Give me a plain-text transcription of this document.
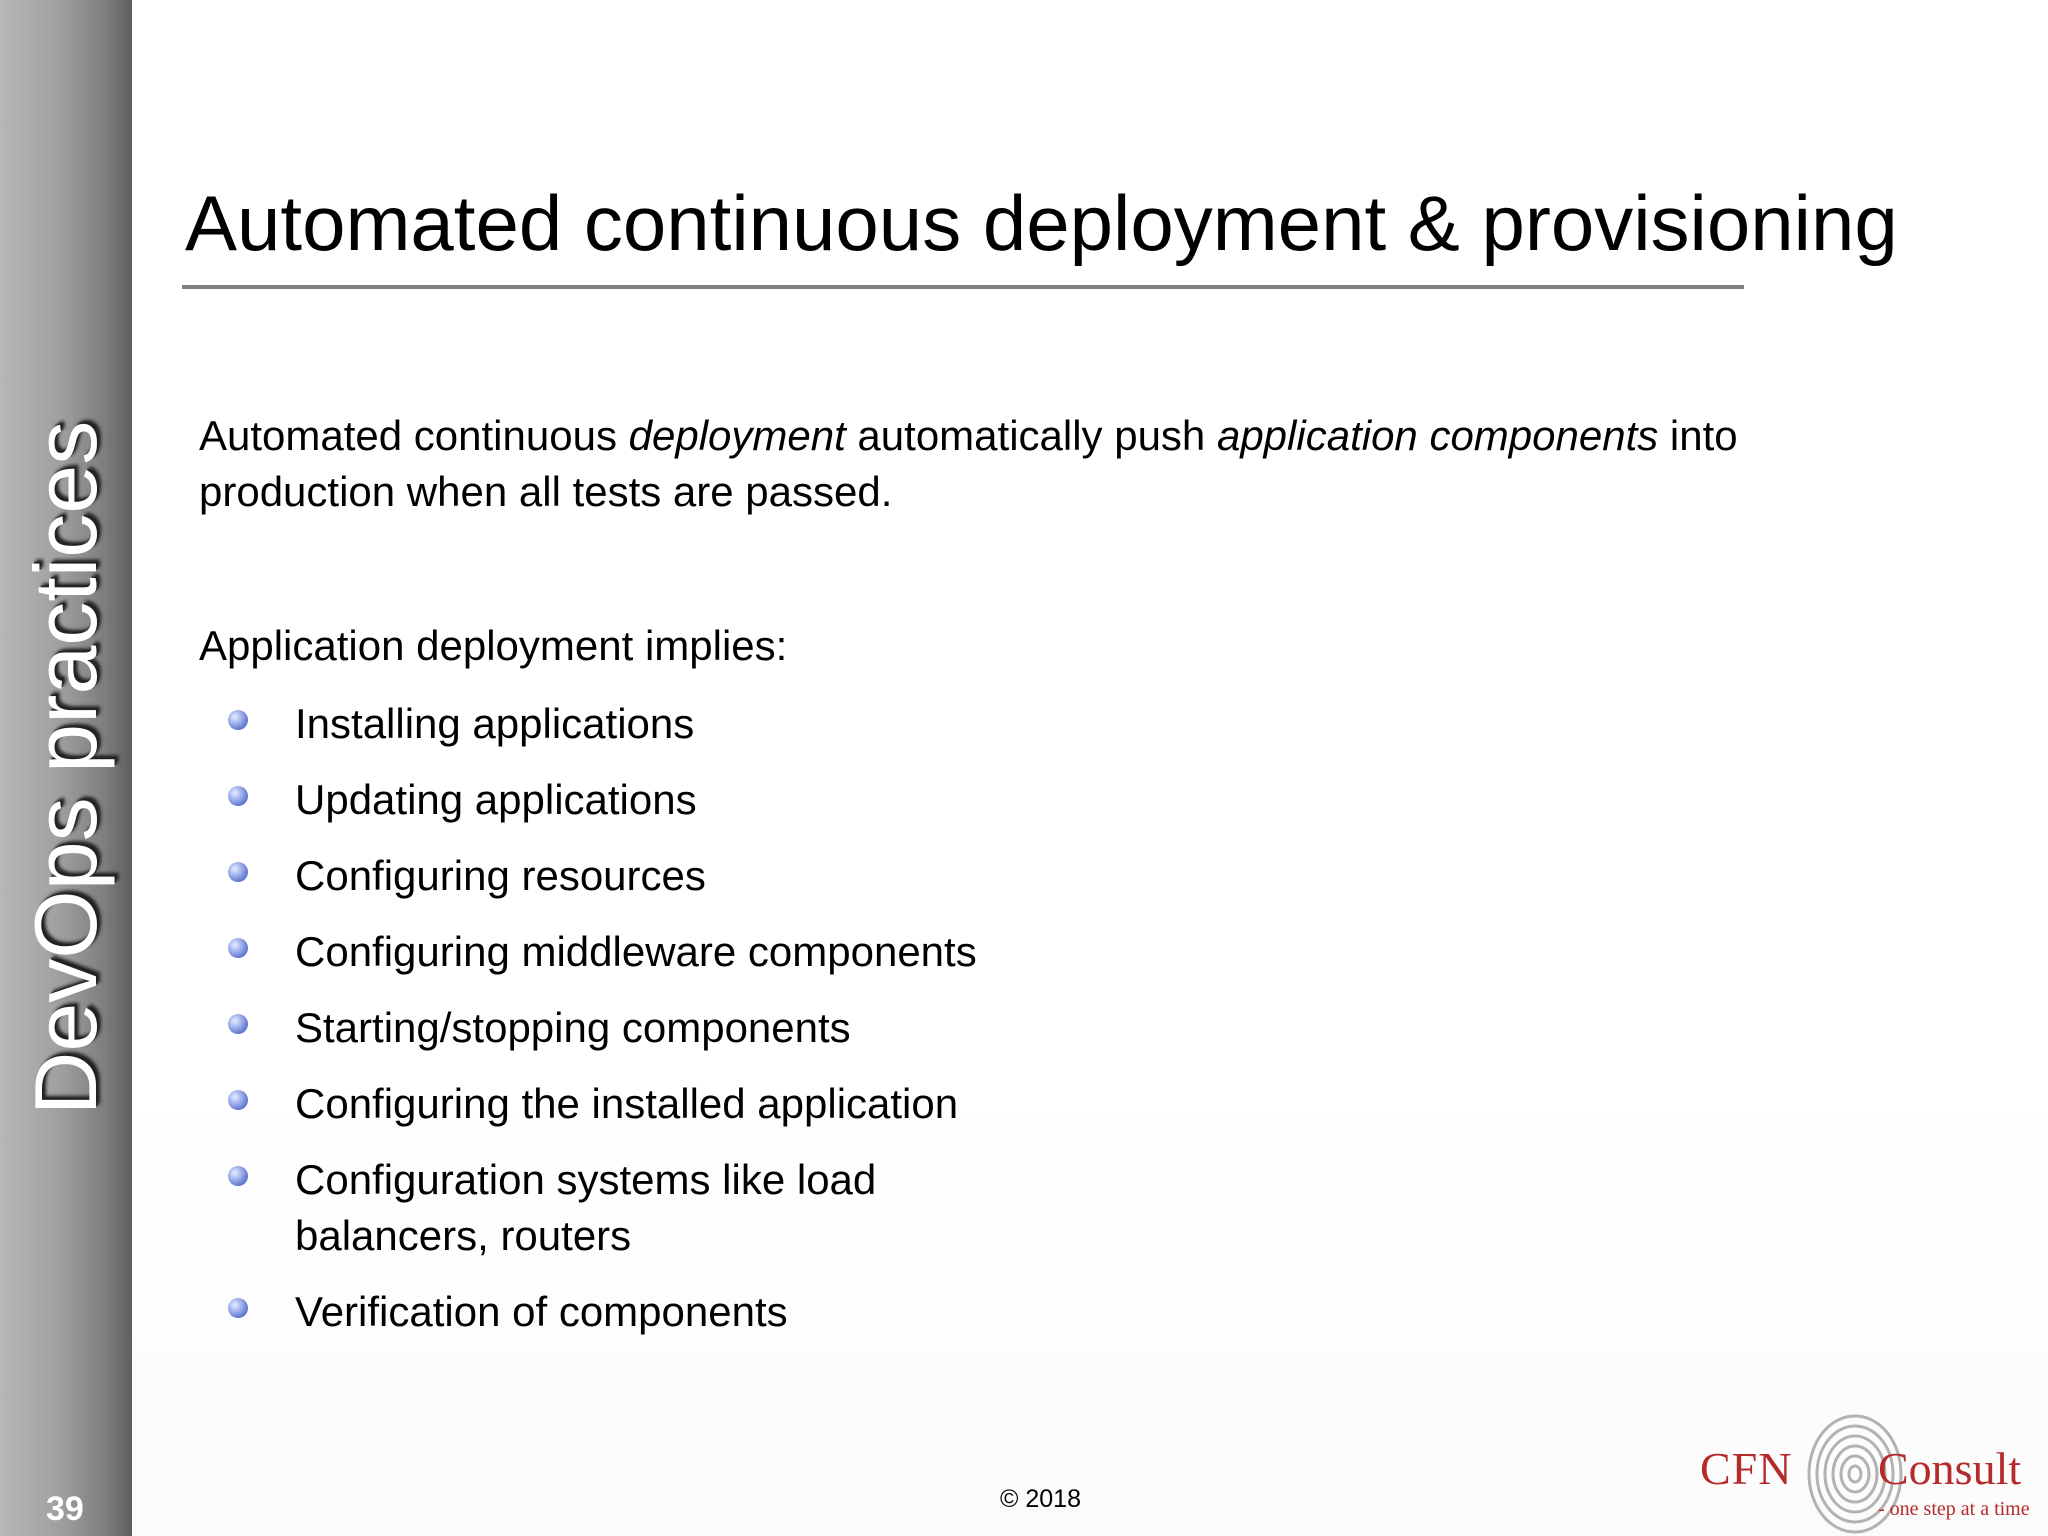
DevOps practices
39
Automated continuous deployment & provisioning
Automated continuous deployment automatically push application components into production when all tests are passed.
Application deployment implies:
Installing applications
Updating applications
Configuring resources
Configuring middleware components
Starting/stopping components
Configuring the installed application
Configuration systems like load balancers, routers
Verification of components
© 2018
CFN Consult
- one step at a time
